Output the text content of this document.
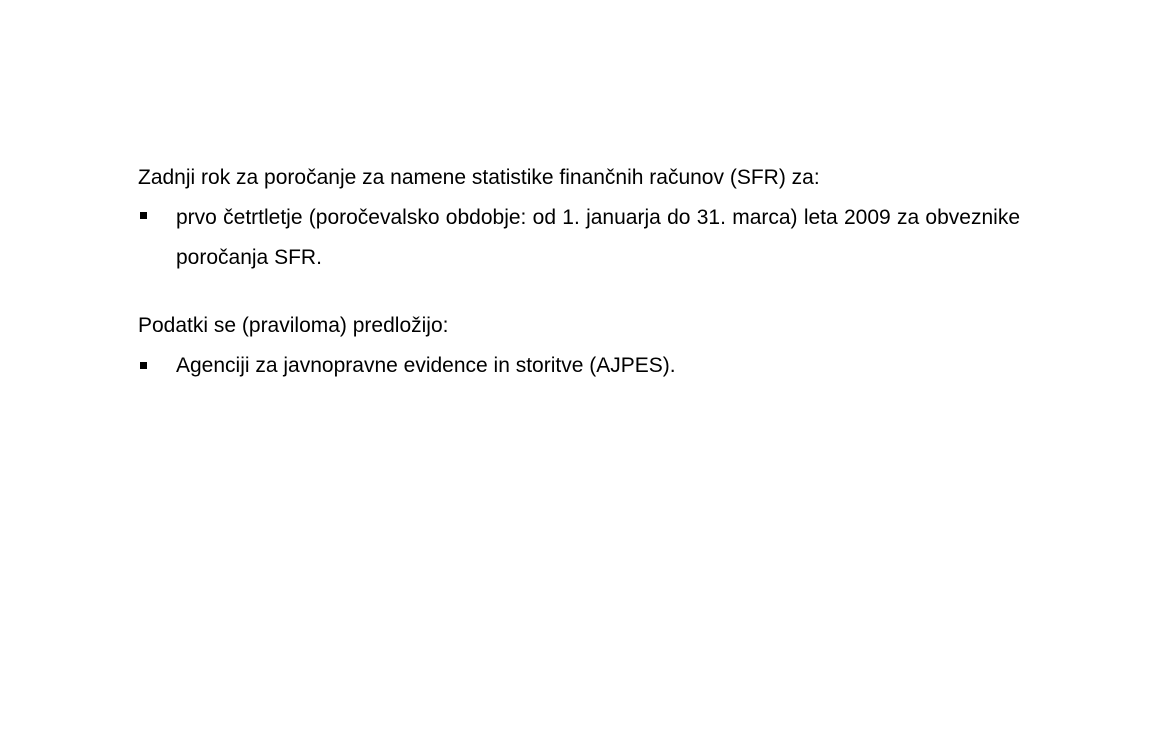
Zadnji rok za poročanje za namene statistike finančnih računov (SFR) za:
prvo četrtletje (poročevalsko obdobje: od 1. januarja do 31. marca) leta 2009 za obveznike poročanja SFR.
Podatki se (praviloma) predložijo:
Agenciji za javnopravne evidence in storitve (AJPES).
